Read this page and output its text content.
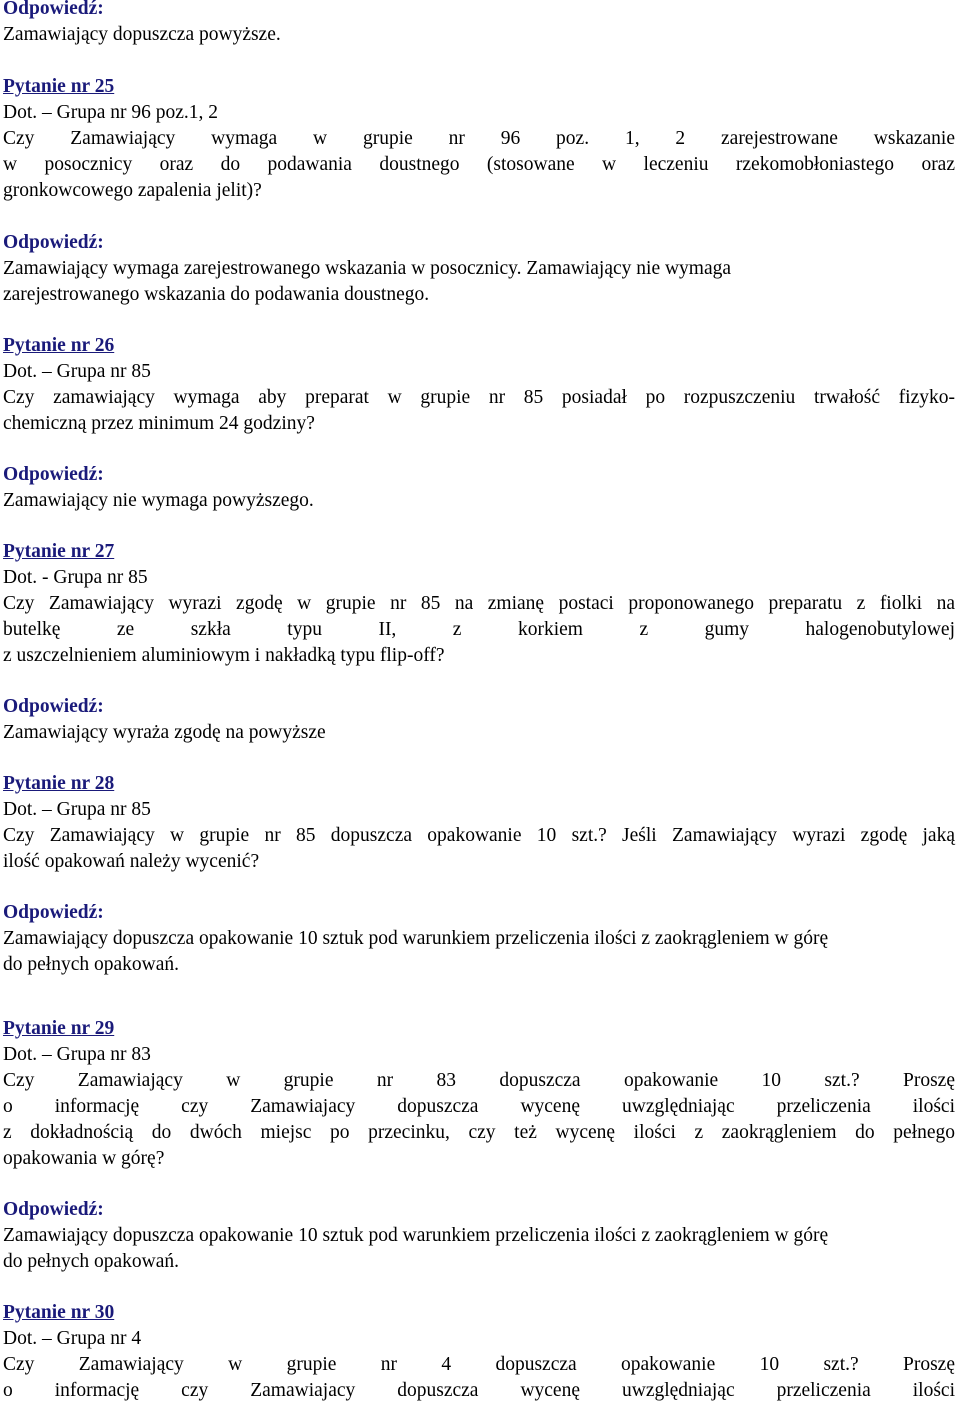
Odpowiedź:
Zamawiający dopuszcza powyższe.
Pytanie nr 25
Dot. – Grupa nr 96 poz.1, 2
Czy Zamawiający wymaga w grupie nr 96 poz. 1, 2 zarejestrowane wskazanie
w posocznicy oraz do podawania doustnego (stosowane w leczeniu rzekomobłoniastego oraz
gronkowcowego zapalenia jelit)?
Odpowiedź:
Zamawiający wymaga zarejestrowanego wskazania w posocznicy. Zamawiający nie wymaga
zarejestrowanego wskazania do podawania doustnego.
Pytanie nr 26
Dot. – Grupa nr 85
Czy zamawiający wymaga aby preparat w grupie nr 85 posiadał po rozpuszczeniu trwałość fizyko-
chemiczną przez minimum 24 godziny?
Odpowiedź:
Zamawiający nie wymaga powyższego.
Pytanie nr 27
Dot. - Grupa nr 85
Czy Zamawiający wyrazi zgodę w grupie nr 85 na zmianę postaci proponowanego preparatu z fiolki na
butelkę ze szkła typu II, z korkiem z gumy halogenobutylowej
z uszczelnieniem aluminiowym i nakładką typu flip-off?
Odpowiedź:
Zamawiający wyraża zgodę na powyższe
Pytanie nr 28
Dot. – Grupa nr 85
Czy Zamawiający w grupie nr 85 dopuszcza opakowanie 10 szt.? Jeśli Zamawiający wyrazi zgodę jaką
ilość opakowań należy wycenić?
Odpowiedź:
Zamawiający dopuszcza opakowanie 10 sztuk pod warunkiem przeliczenia ilości z zaokrągleniem w górę
do pełnych opakowań.
Pytanie nr 29
Dot. – Grupa nr 83
Czy Zamawiający w grupie nr 83 dopuszcza opakowanie 10 szt.? Proszę
o informację czy Zamawiajacy dopuszcza wycenę uwzględniając przeliczenia ilości
z dokładnością do dwóch miejsc po przecinku, czy też wycenę ilości z zaokrągleniem do pełnego
opakowania w górę?
Odpowiedź:
Zamawiający dopuszcza opakowanie 10 sztuk pod warunkiem przeliczenia ilości z zaokrągleniem w górę
do pełnych opakowań.
Pytanie nr 30
Dot. – Grupa nr 4
Czy Zamawiający w grupie nr 4 dopuszcza opakowanie 10 szt.? Proszę
o informację czy Zamawiajacy dopuszcza wycenę uwzględniając przeliczenia ilości
